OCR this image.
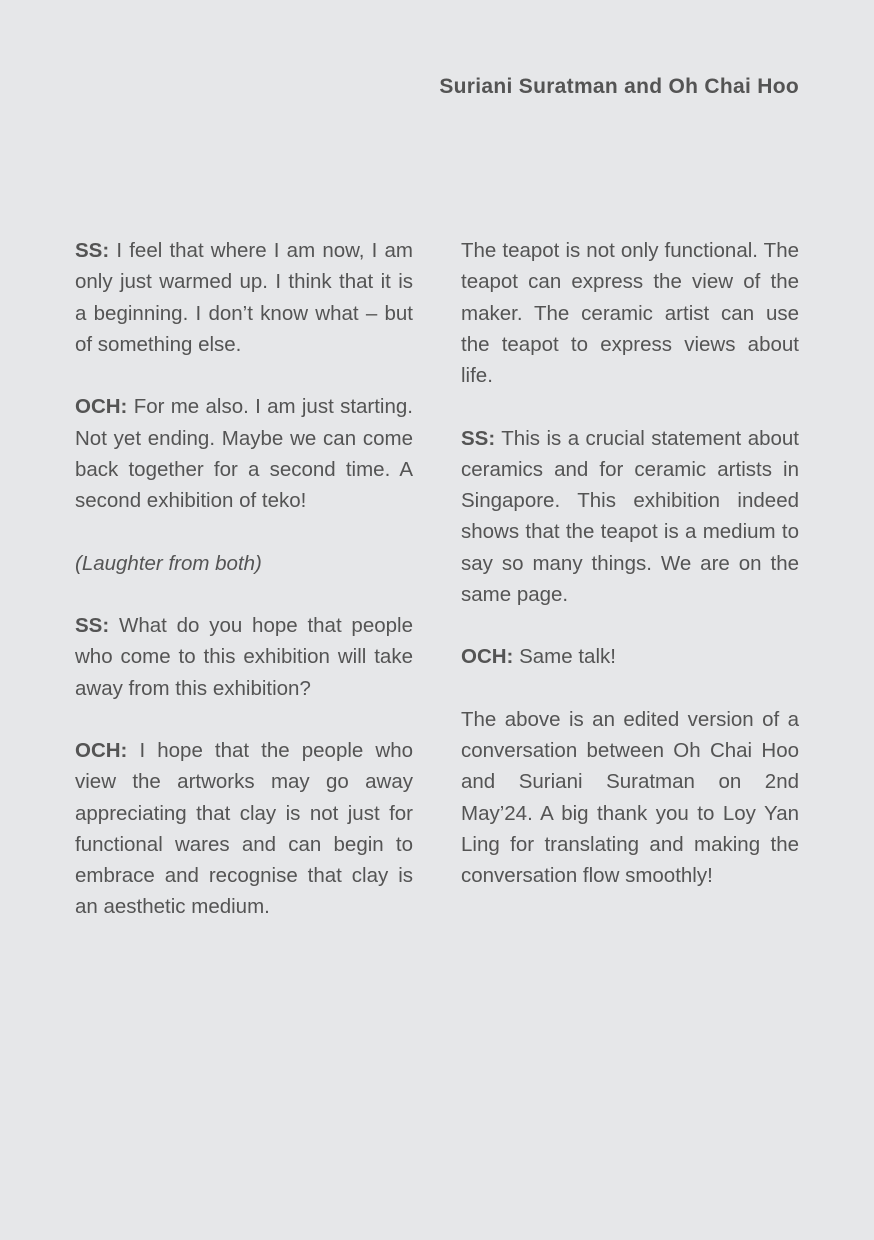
Suriani Suratman and Oh Chai Hoo

SS: I feel that where I am now, I am only just warmed up. I think that it is a beginning. I don’t know what – but of something else.

OCH: For me also. I am just starting. Not yet ending. Maybe we can come back together for a second time. A second exhibition of teko!

(Laughter from both)

SS: What do you hope that people who come to this exhibition will take away from this exhibition?

OCH: I hope that the people who view the artworks may go away appreciating that clay is not just for functional wares and can begin to embrace and recognise that clay is an aesthetic medium.

The teapot is not only functional. The teapot can express the view of the maker. The ceramic artist can use the teapot to express views about life.

SS: This is a crucial statement about ceramics and for ceramic artists in Singapore. This exhibition indeed shows that the teapot is a medium to say so many things. We are on the same page.

OCH: Same talk!

The above is an edited version of a conversation between Oh Chai Hoo and Suriani Suratman on 2nd May’24. A big thank you to Loy Yan Ling for translating and making the conversation flow smoothly!
